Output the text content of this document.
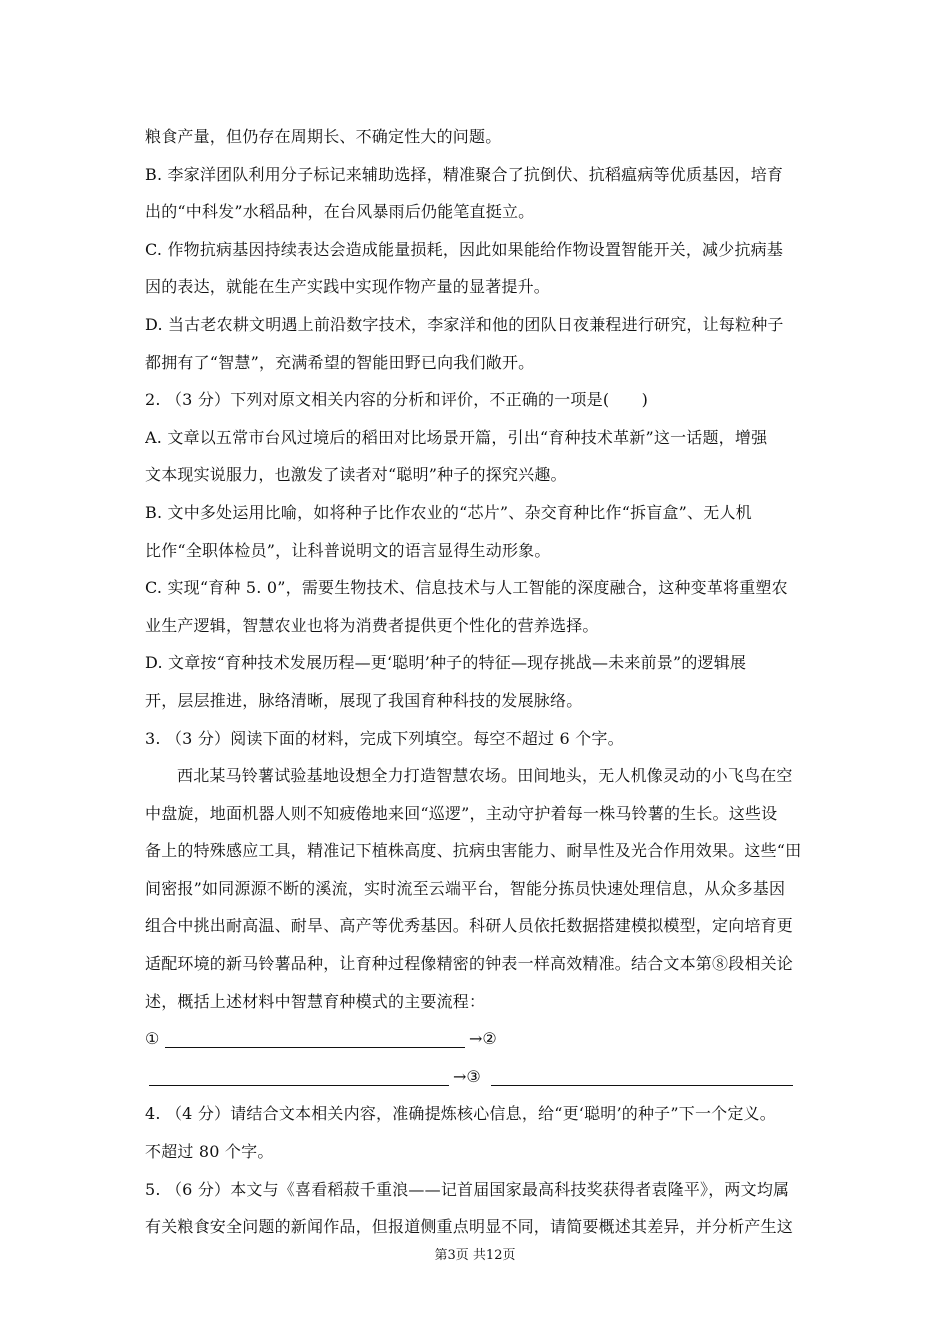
粮食产量，但仍存在周期长、不确定性大的问题。
B. 李家洋团队利用分子标记来辅助选择，精准聚合了抗倒伏、抗稻瘟病等优质基因，培育
出的“中科发”水稻品种，在台风暴雨后仍能笔直挺立。
C. 作物抗病基因持续表达会造成能量损耗，因此如果能给作物设置智能开关，减少抗病基
因的表达，就能在生产实践中实现作物产量的显著提升。
D. 当古老农耕文明遇上前沿数字技术，李家洋和他的团队日夜兼程进行研究，让每粒种子
都拥有了“智慧”，充满希望的智能田野已向我们敞开。
2. （3 分）下列对原文相关内容的分析和评价，不正确的一项是(　　)
A. 文章以五常市台风过境后的稻田对比场景开篇，引出“育种技术革新”这一话题，增强
文本现实说服力，也激发了读者对“聪明”种子的探究兴趣。
B. 文中多处运用比喻，如将种子比作农业的“芯片”、杂交育种比作“拆盲盒”、无人机
比作“全职体检员”，让科普说明文的语言显得生动形象。
C. 实现“育种 5. 0”，需要生物技术、信息技术与人工智能的深度融合，这种变革将重塑农
业生产逻辑，智慧农业也将为消费者提供更个性化的营养选择。
D. 文章按“育种技术发展历程—更‘聪明’种子的特征—现存挑战—未来前景”的逻辑展
开，层层推进，脉络清晰，展现了我国育种科技的发展脉络。
3. （3 分）阅读下面的材料，完成下列填空。每空不超过 6 个字。
西北某马铃薯试验基地设想全力打造智慧农场。田间地头，无人机像灵动的小飞鸟在空
中盘旋，地面机器人则不知疲倦地来回“巡逻”，主动守护着每一株马铃薯的生长。这些设
备上的特殊感应工具，精准记下植株高度、抗病虫害能力、耐旱性及光合作用效果。这些“田
间密报”如同源源不断的溪流，实时流至云端平台，智能分拣员快速处理信息，从众多基因
组合中挑出耐高温、耐旱、高产等优秀基因。科研人员依托数据搭建模拟模型，定向培育更
适配环境的新马铃薯品种，让育种过程像精密的钟表一样高效精准。结合文本第⑧段相关论
述，概括上述材料中智慧育种模式的主要流程：
①	→②
→③
4. （4 分）请结合文本相关内容，准确提炼核心信息，给“更‘聪明’的种子”下一个定义。
不超过 80 个字。
5. （6 分）本文与《喜看稻菽千重浪——记首届国家最高科技奖获得者袁隆平》，两文均属
有关粮食安全问题的新闻作品，但报道侧重点明显不同，请简要概述其差异，并分析产生这
第3页 共12页
